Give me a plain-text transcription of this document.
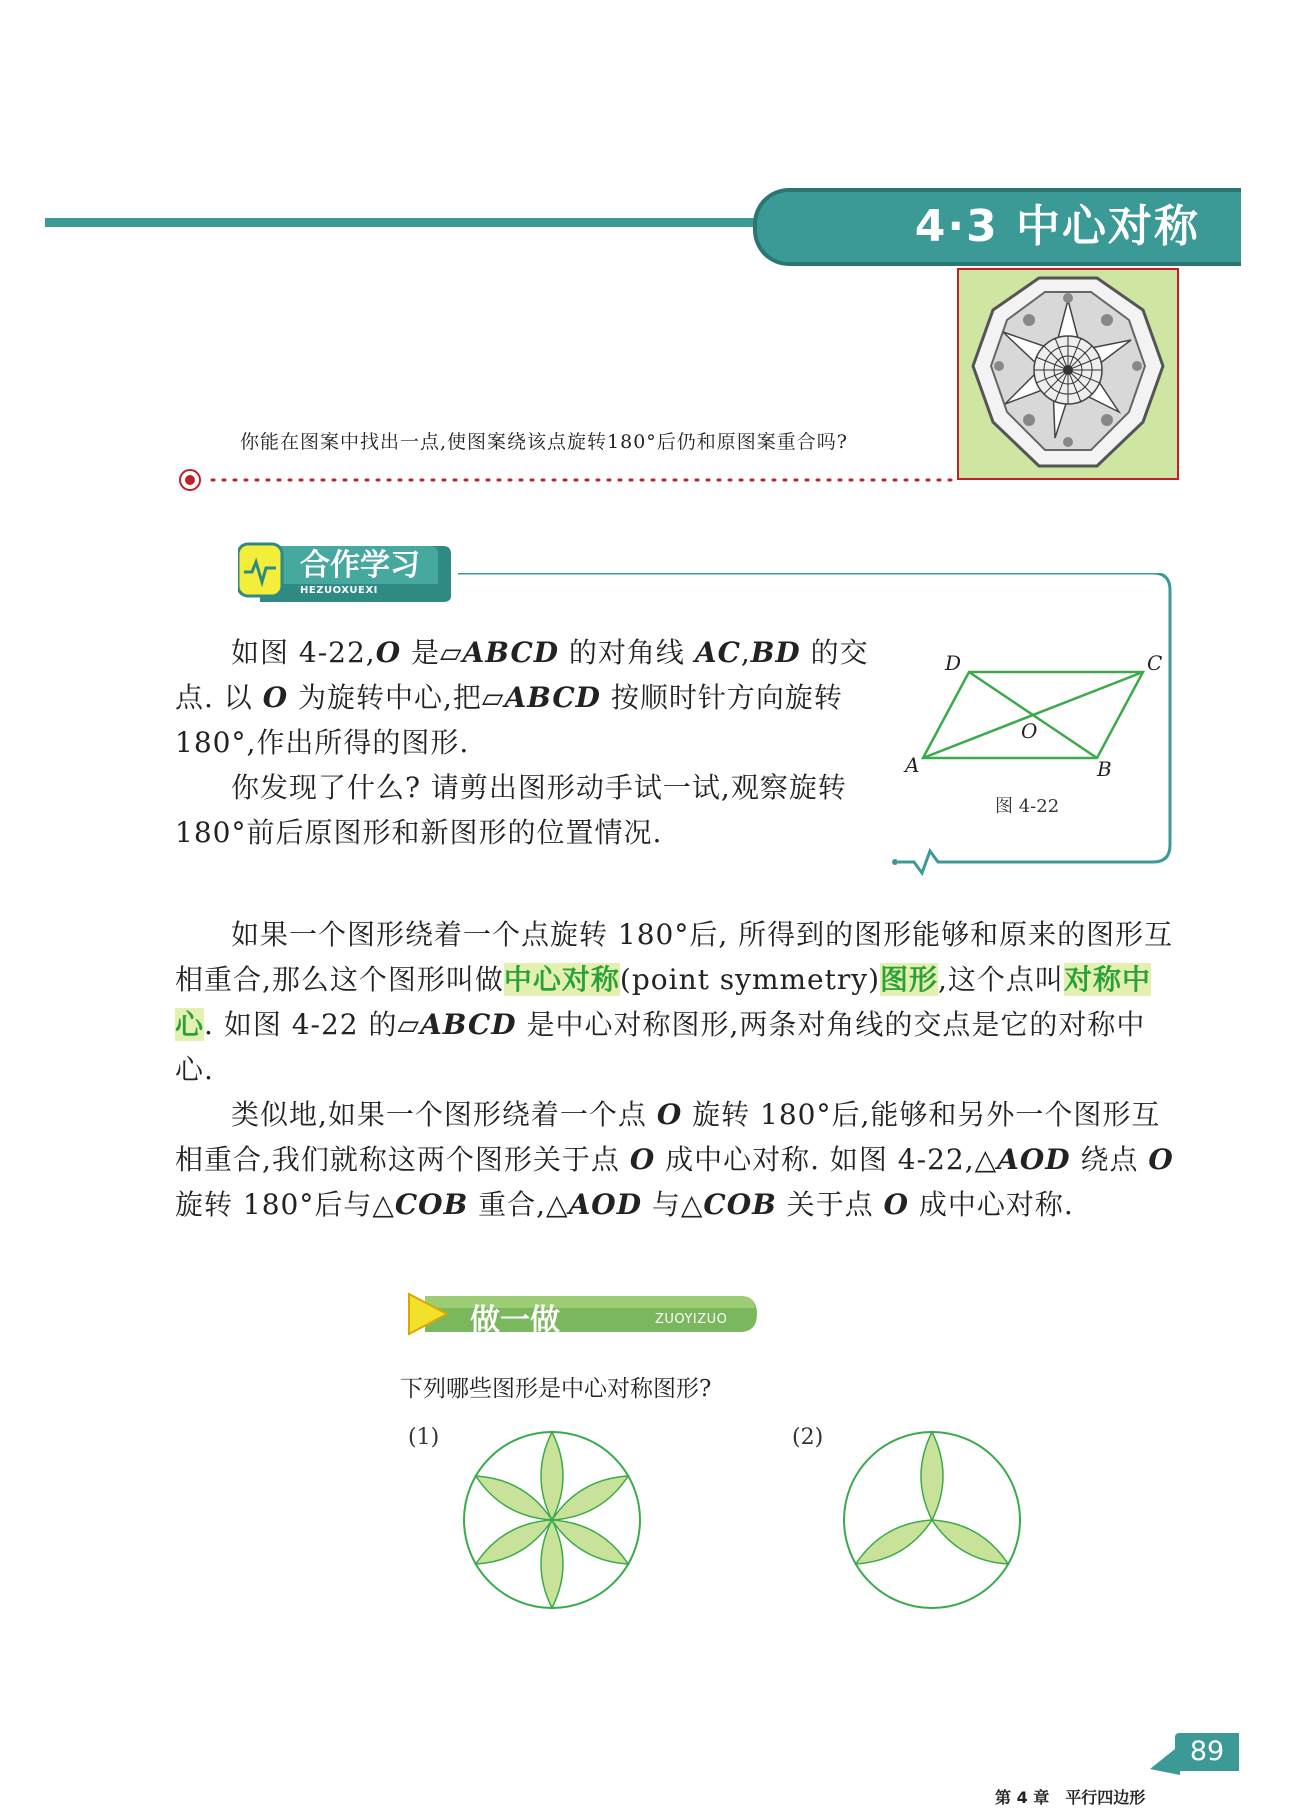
4·3 中心对称
你能在图案中找出一点,使图案绕该点旋转180°后仍和原图案重合吗?
合作学习
HEZUOXUEXI
如图 4-22,O 是▱ABCD 的对角线 AC,BD 的交点. 以 O 为旋转中心,把▱ABCD 按顺时针方向旋转 180°,作出所得的图形.
你发现了什么? 请剪出图形动手试一试,观察旋转 180°前后原图形和新图形的位置情况.
D	C
O
A	B
图 4-22
如果一个图形绕着一个点旋转 180°后, 所得到的图形能够和原来的图形互相重合,那么这个图形叫做中心对称(point symmetry)图形,这个点叫对称中心. 如图 4-22 的▱ABCD 是中心对称图形,两条对角线的交点是它的对称中心.
类似地,如果一个图形绕着一个点 O 旋转 180°后,能够和另外一个图形互相重合,我们就称这两个图形关于点 O 成中心对称. 如图 4-22,△AOD 绕点 O 旋转 180°后与△COB 重合,△AOD 与△COB 关于点 O 成中心对称.
做一做	ZUOYIZUO
下列哪些图形是中心对称图形?
(1)	(2)
第 4 章　平行四边形
89
